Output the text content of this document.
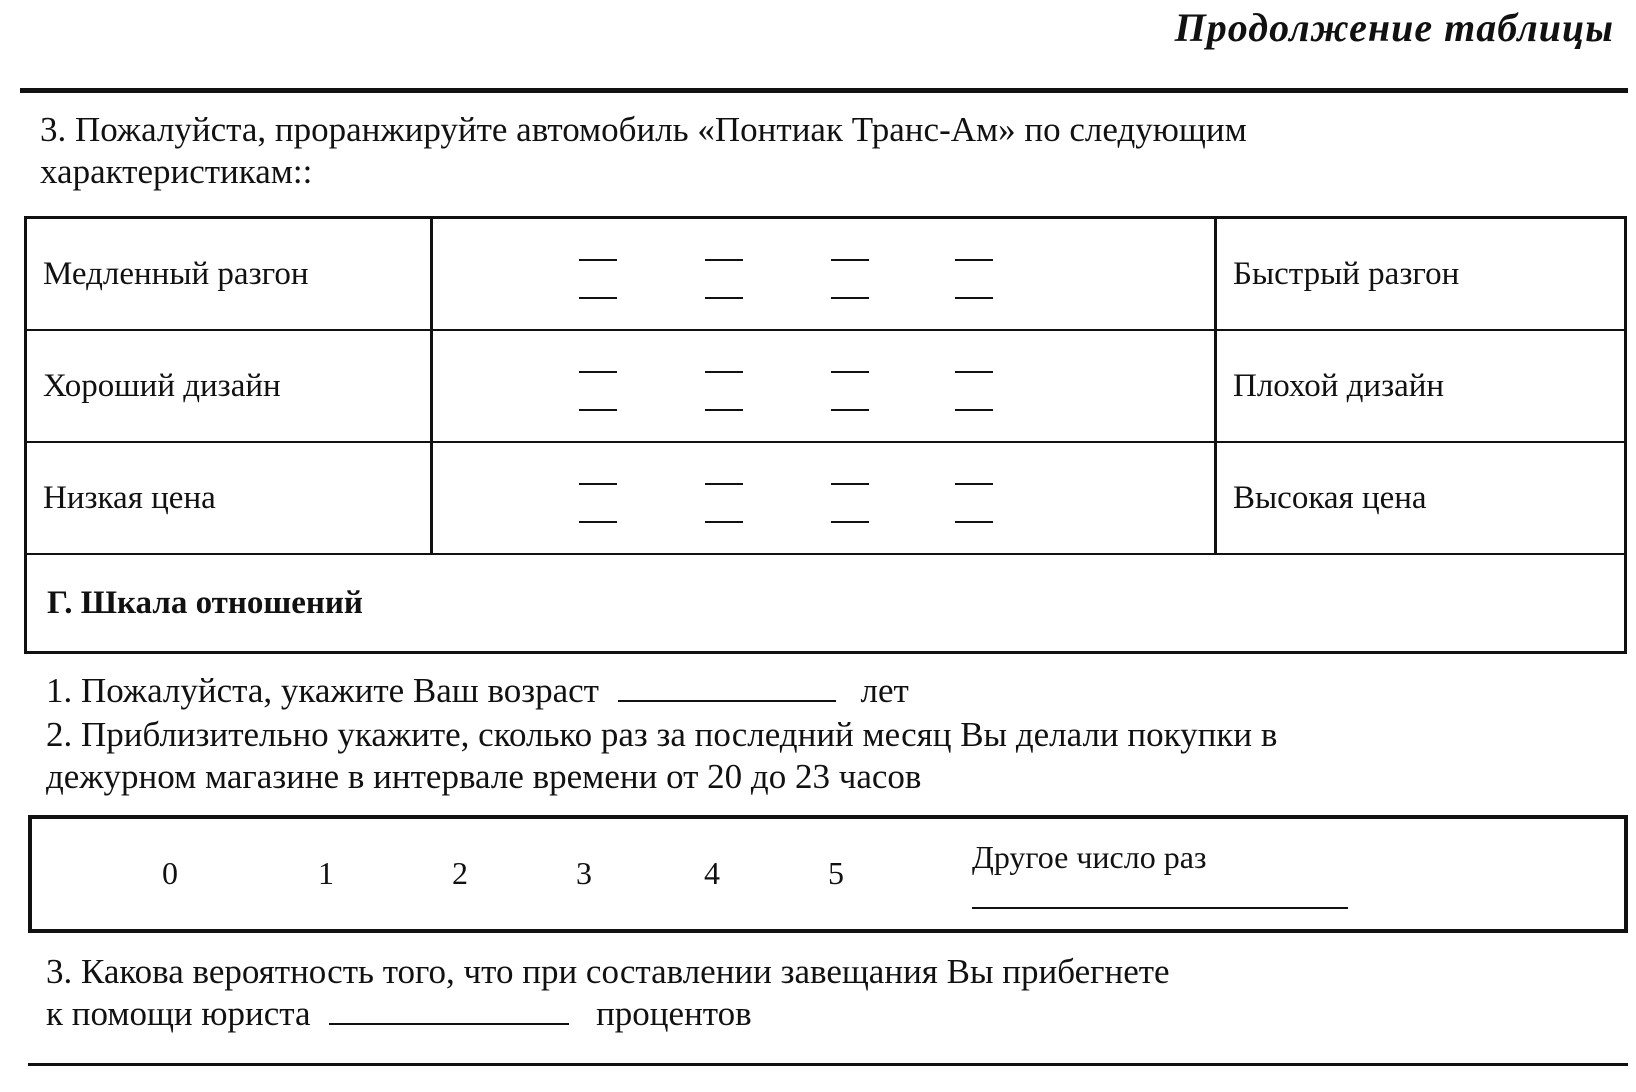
Продолжение таблицы
3. Пожалуйста, проранжируйте автомобиль «Понтиак Транс-Ам» по следующим
характеристикам::
Медленный разгон	Быстрый разгон
Хороший дизайн	Плохой дизайн
Низкая цена	Высокая цена
Г. Шкала отношений
1. Пожалуйста, укажите Ваш возраст	лет
2. Приблизительно укажите, сколько раз за последний месяц Вы делали покупки в
дежурном магазине в интервале времени от 20 до 23 часов
0	1	2	3	4	5	Другое число раз
3. Какова вероятность того, что при составлении завещания Вы прибегнете
к помощи юриста	процентов
